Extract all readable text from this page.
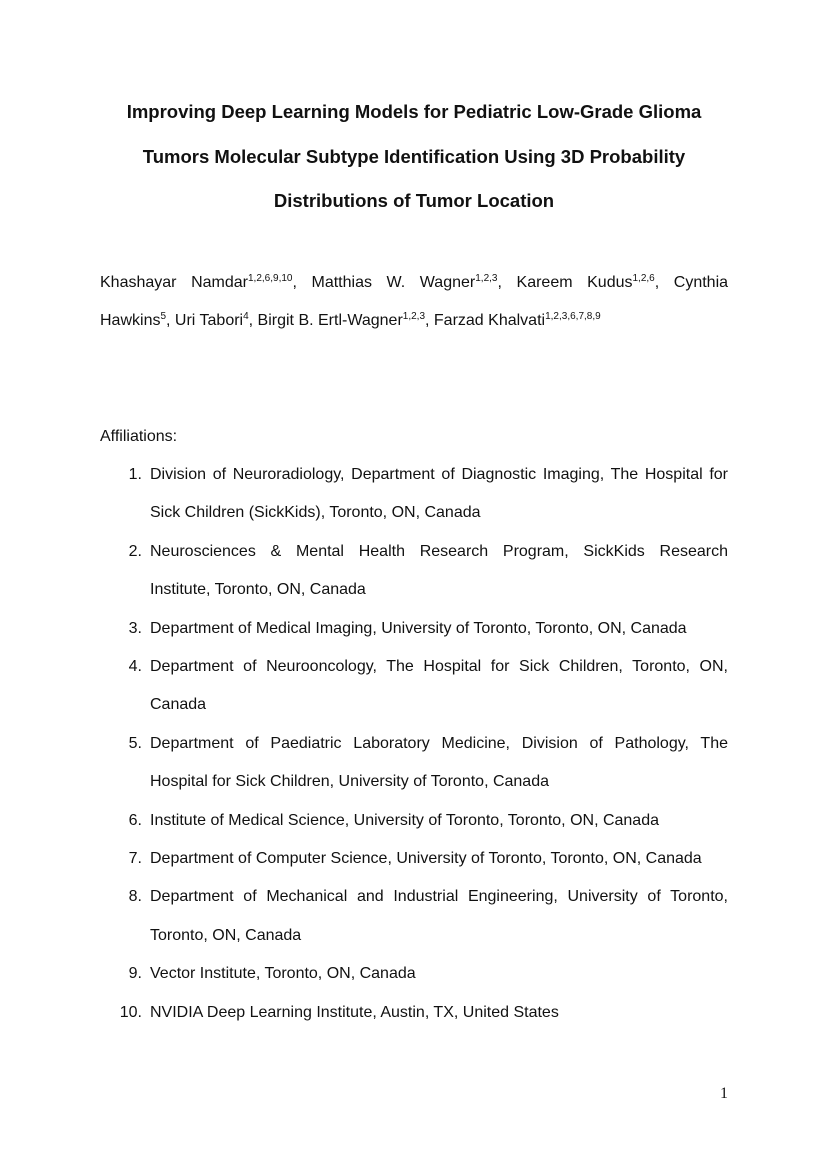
Improving Deep Learning Models for Pediatric Low-Grade Glioma
Tumors Molecular Subtype Identification Using 3D Probability
Distributions of Tumor Location
Khashayar Namdar$^{1,2,6,9,10}$, Matthias W. Wagner$^{1,2,3}$, Kareem Kudus$^{1,2,6}$, Cynthia
Hawkins$^5$, Uri Tabori$^4$, Birgit B. Ertl-Wagner$^{1,2,3}$, Farzad Khalvati$^{1,2,3,6,7,8,9}$
Affiliations:
1. Division of Neuroradiology, Department of Diagnostic Imaging, The Hospital for
Sick Children (SickKids), Toronto, ON, Canada
2. Neurosciences & Mental Health Research Program, SickKids Research
Institute, Toronto, ON, Canada
3. Department of Medical Imaging, University of Toronto, Toronto, ON, Canada
4. Department of Neurooncology, The Hospital for Sick Children, Toronto, ON,
Canada
5. Department of Paediatric Laboratory Medicine, Division of Pathology, The
Hospital for Sick Children, University of Toronto, Canada
6. Institute of Medical Science, University of Toronto, Toronto, ON, Canada
7. Department of Computer Science, University of Toronto, Toronto, ON, Canada
8. Department of Mechanical and Industrial Engineering, University of Toronto,
Toronto, ON, Canada
9. Vector Institute, Toronto, ON, Canada
10. NVIDIA Deep Learning Institute, Austin, TX, United States
1
